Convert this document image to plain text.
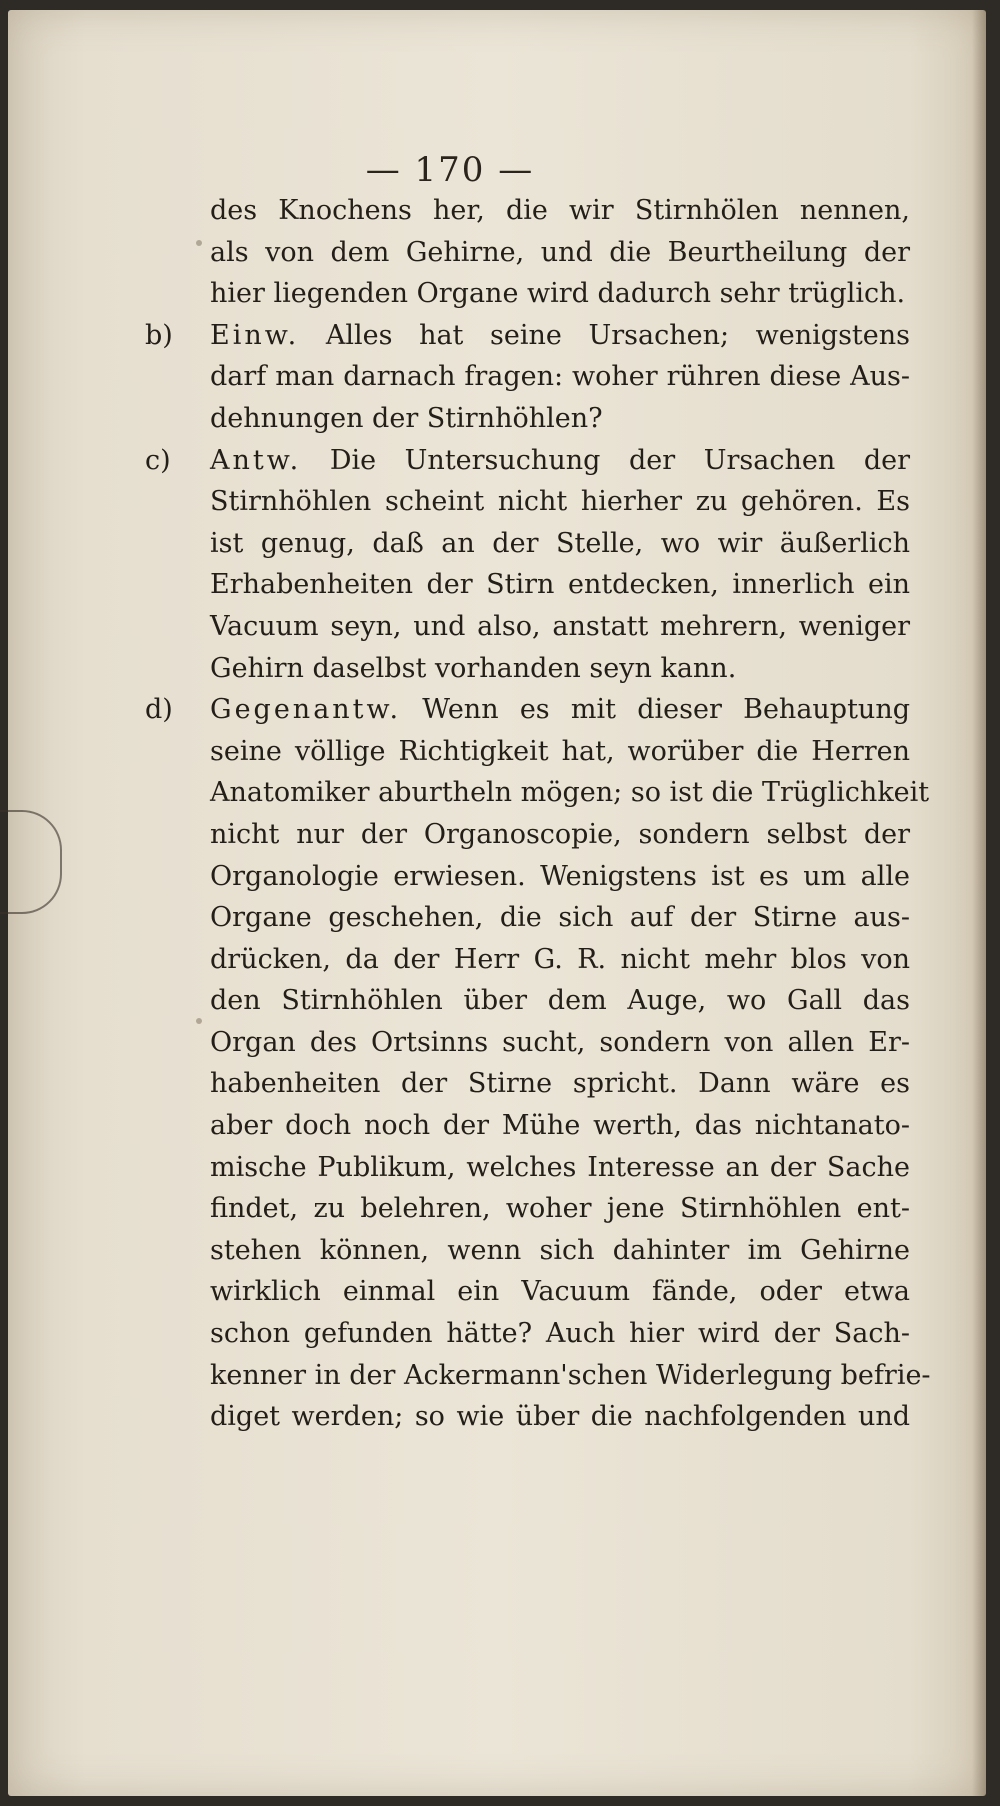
— 170 —
des Knochens her, die wir Stirnhölen nennen,
als von dem Gehirne, und die Beurtheilung der
hier liegenden Organe wird dadurch sehr trüglich.
b) Einw. Alles hat seine Ursachen; wenigstens
darf man darnach fragen: woher rühren diese Aus-
dehnungen der Stirnhöhlen?
c) Antw. Die Untersuchung der Ursachen der
Stirnhöhlen scheint nicht hierher zu gehören. Es
ist genug, daß an der Stelle, wo wir äußerlich
Erhabenheiten der Stirn entdecken, innerlich ein
Vacuum seyn, und also, anstatt mehrern, weniger
Gehirn daselbst vorhanden seyn kann.
d) Gegenantw. Wenn es mit dieser Behauptung
seine völlige Richtigkeit hat, worüber die Herren
Anatomiker aburtheln mögen; so ist die Trüglichkeit
nicht nur der Organoscopie, sondern selbst der
Organologie erwiesen. Wenigstens ist es um alle
Organe geschehen, die sich auf der Stirne aus-
drücken, da der Herr G. R. nicht mehr blos von
den Stirnhöhlen über dem Auge, wo Gall das
Organ des Ortsinns sucht, sondern von allen Er-
habenheiten der Stirne spricht. Dann wäre es
aber doch noch der Mühe werth, das nichtanato-
mische Publikum, welches Interesse an der Sache
findet, zu belehren, woher jene Stirnhöhlen ent-
stehen können, wenn sich dahinter im Gehirne
wirklich einmal ein Vacuum fände, oder etwa
schon gefunden hätte? Auch hier wird der Sach-
kenner in der Ackermann'schen Widerlegung befrie-
diget werden; so wie über die nachfolgenden und
